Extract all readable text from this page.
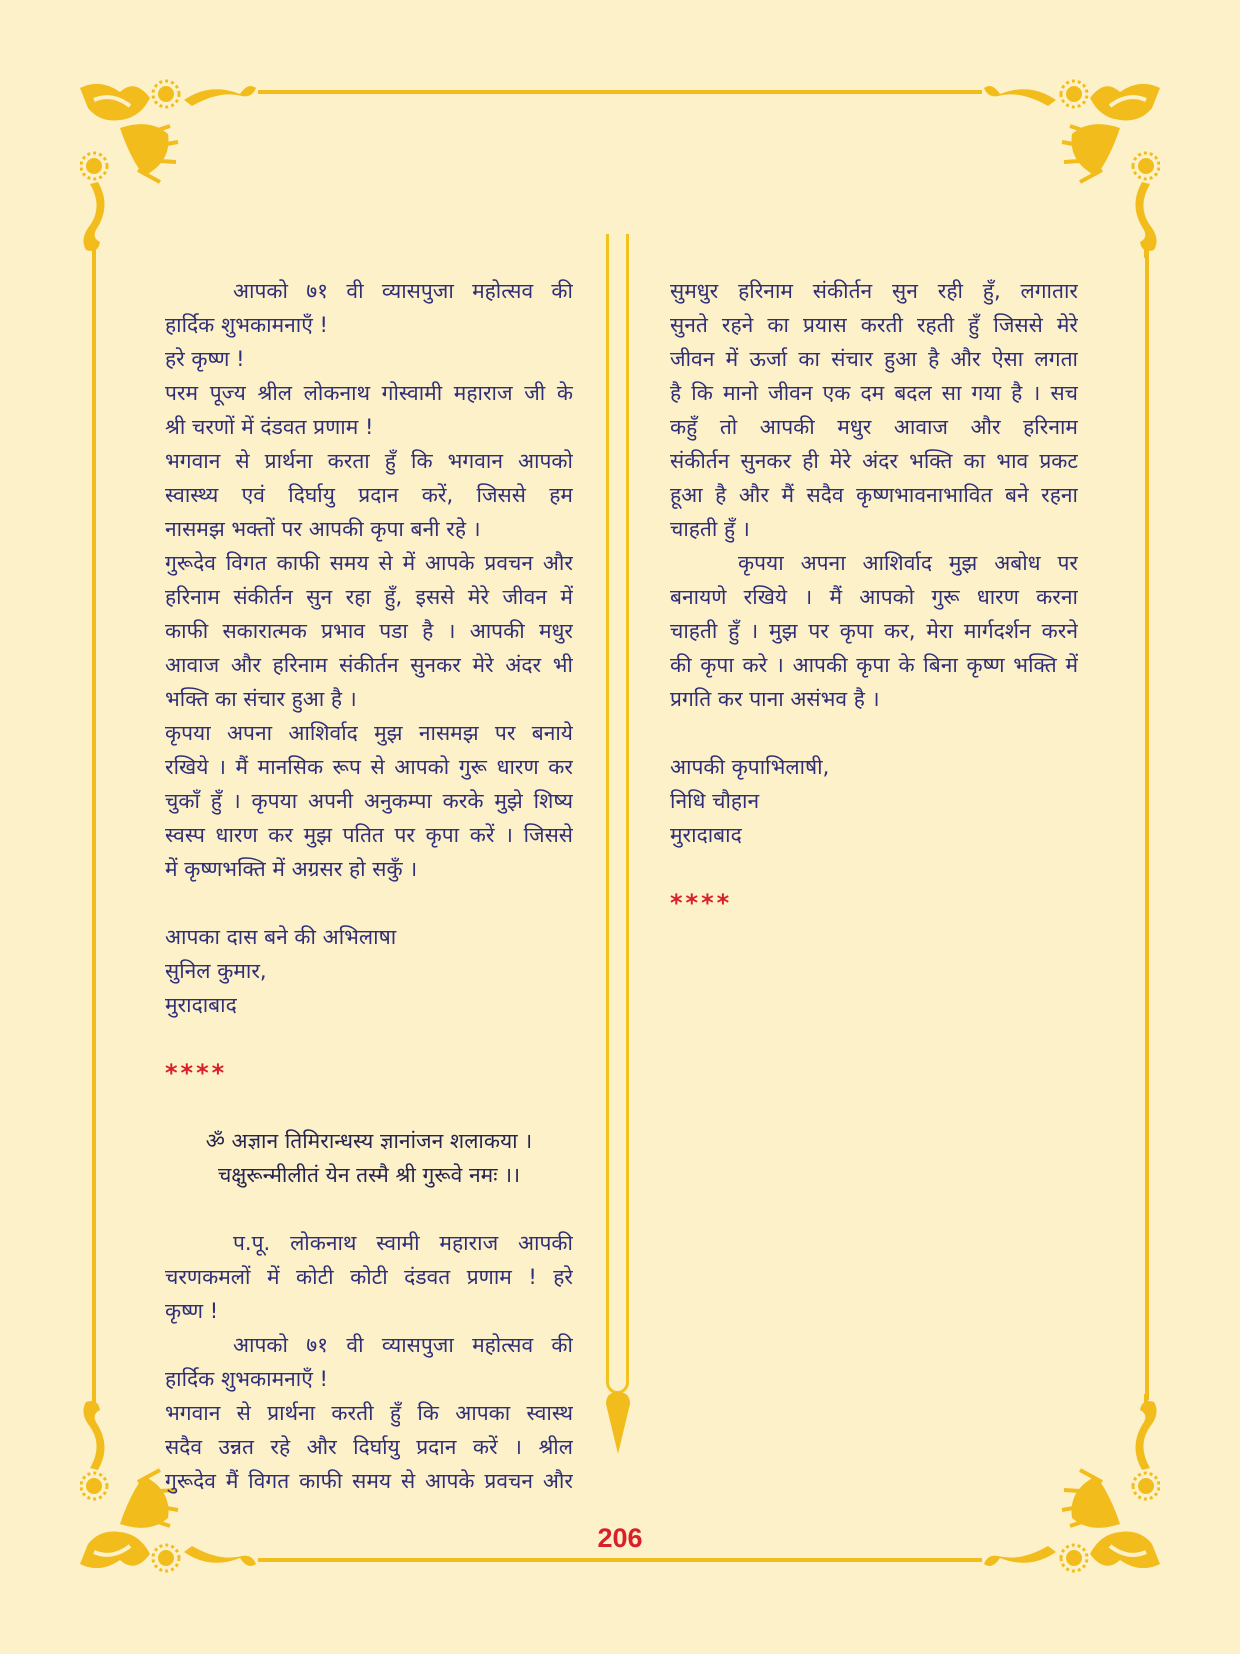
आपको ७१ वी व्यासपुजा महोत्सव की
हार्दिक शुभकामनाएँ !
हरे कृष्ण !
परम पूज्य श्रील लोकनाथ गोस्वामी महाराज जी के
श्री चरणों में दंडवत प्रणाम !
भगवान से प्रार्थना करता हुँ कि भगवान आपको
स्वास्थ्य एवं दिर्घायु प्रदान करें, जिससे हम
नासमझ भक्तों पर आपकी कृपा बनी रहे ।
गुरूदेव विगत काफी समय से में आपके प्रवचन और
हरिनाम संकीर्तन सुन रहा हुँ, इससे मेरे जीवन में
काफी सकारात्मक प्रभाव पडा है । आपकी मधुर
आवाज और हरिनाम संकीर्तन सुनकर मेरे अंदर भी
भक्ति का संचार हुआ है ।
कृपया अपना आशिर्वाद मुझ नासमझ पर बनाये
रखिये । मैं मानसिक रूप से आपको गुरू धारण कर
चुकाँ हुँ । कृपया अपनी अनुकम्पा करके मुझे शिष्य
स्वस्प धारण कर मुझ पतित पर कृपा करें । जिससे
में कृष्णभक्ति में अग्रसर हो सकुँ ।
आपका दास बने की अभिलाषा
सुनिल कुमार,
मुरादाबाद
****
ॐ अज्ञान तिमिरान्धस्य ज्ञानांजन शलाकया ।
चक्षुरून्मीलीतं येन तस्मै श्री गुरूवे नमः ।।
प.पू. लोकनाथ स्वामी महाराज आपकी
चरणकमलों में कोटी कोटी दंडवत प्रणाम ! हरे
कृष्ण !
आपको ७१ वी व्यासपुजा महोत्सव की
हार्दिक शुभकामनाएँ !
भगवान से प्रार्थना करती हुँ कि आपका स्वास्थ
सदैव उन्नत रहे और दिर्घायु प्रदान करें । श्रील
गुरूदेव मैं विगत काफी समय से आपके प्रवचन और
सुमधुर हरिनाम संकीर्तन सुन रही हुँ, लगातार
सुनते रहने का प्रयास करती रहती हुँ जिससे मेरे
जीवन में ऊर्जा का संचार हुआ है और ऐसा लगता
है कि मानो जीवन एक दम बदल सा गया है । सच
कहुँ तो आपकी मधुर आवाज और हरिनाम
संकीर्तन सुनकर ही मेरे अंदर भक्ति का भाव प्रकट
हूआ है और मैं सदैव कृष्णभावनाभावित बने रहना
चाहती हुँ ।
कृपया अपना आशिर्वाद मुझ अबोध पर
बनायणे रखिये । मैं आपको गुरू धारण करना
चाहती हुँ । मुझ पर कृपा कर, मेरा मार्गदर्शन करने
की कृपा करे । आपकी कृपा के बिना कृष्ण भक्ति में
प्रगति कर पाना असंभव है ।
आपकी कृपाभिलाषी,
निधि चौहान
मुरादाबाद
****
206
